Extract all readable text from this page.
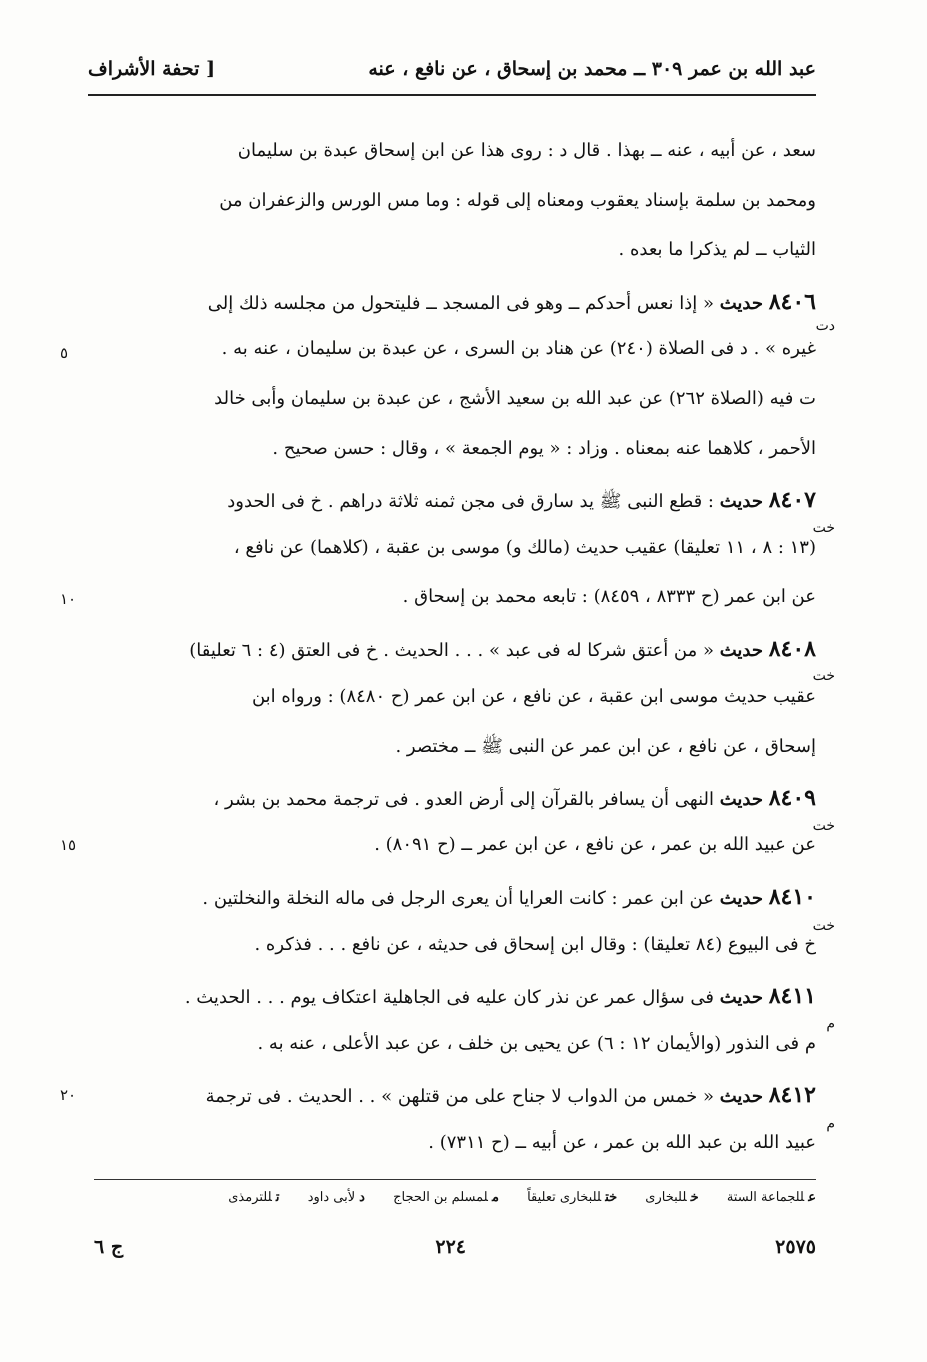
عبد الله بن عمر ٣٠٩ ــ محمد بن إسحاق ، عن نافع ، عنه
[ تحفة الأشراف
سعد ، عن أبيه ، عنه ــ بهذا . قال د : روى هذا عن ابن إسحاق عبدة بن سليمان
ومحمد بن سلمة بإسناد يعقوب ومعناه إلى قوله : وما مس الورس والزعفران من
الثياب ــ لم يذكرا ما بعده .
٨٤٠٦ حديث « إذا نعس أحدكم ــ وهو فى المسجد ــ فليتحول من مجلسه ذلك إلى
غيره » . د فى الصلاة (٢٤٠) عن هناد بن السرى ، عن عبدة بن سليمان ، عنه به .
ت فيه (الصلاة ٢٦٢) عن عبد الله بن سعيد الأشج ، عن عبدة بن سليمان وأبى خالد
الأحمر ، كلاهما عنه بمعناه . وزاد : « يوم الجمعة » ، وقال : حسن صحيح .
٨٤٠٧ حديث : قطع النبى ﷺ يد سارق فى مجن ثمنه ثلاثة دراهم . خ فى الحدود
(١٣ : ٨ ، ١١ تعليقا) عقيب حديث (مالك و) موسى بن عقبة ، (كلاهما) عن نافع ،
عن ابن عمر (ح ٨٣٣٣ ، ٨٤٥٩) : تابعه محمد بن إسحاق .
٨٤٠٨ حديث « من أعتق شركا له فى عبد » . . . الحديث . خ فى العتق (٤ : ٦ تعليقا)
عقيب حديث موسى ابن عقبة ، عن نافع ، عن ابن عمر (ح ٨٤٨٠) : ورواه ابن
إسحاق ، عن نافع ، عن ابن عمر عن النبى ﷺ ــ مختصر .
٨٤٠٩ حديث النهى أن يسافر بالقرآن إلى أرض العدو . فى ترجمة محمد بن بشر ،
عن عبيد الله بن عمر ، عن نافع ، عن ابن عمر ــ (ح ٨٠٩١) .
٨٤١٠ حديث عن ابن عمر : كانت العرايا أن يعرى الرجل فى ماله النخلة والنخلتين .
خ فى البيوع (٨٤ تعليقا) : وقال ابن إسحاق فى حديثه ، عن نافع . . . فذكره .
٨٤١١ حديث فى سؤال عمر عن نذر كان عليه فى الجاهلية اعتكاف يوم . . . الحديث .
م فى النذور (والأيمان ١٢ : ٦) عن يحيى بن خلف ، عن عبد الأعلى ، عنه به .
٨٤١٢ حديث « خمس من الدواب لا جناح على من قتلهن » . . الحديث . فى ترجمة
عبيد الله بن عبد الله بن عمر ، عن أبيه ــ (ح ٧٣١١) .
دت
خت
خت
خت
خت
م
م
٥
١٠
١٥
٢٠
عللجماعة الستة خللبخارى ختللبخارى تعليقاً ملمسلم بن الحجاج دلأبى داود تللترمذى
٢٥٧٥
٢٢٤
ج ٦
